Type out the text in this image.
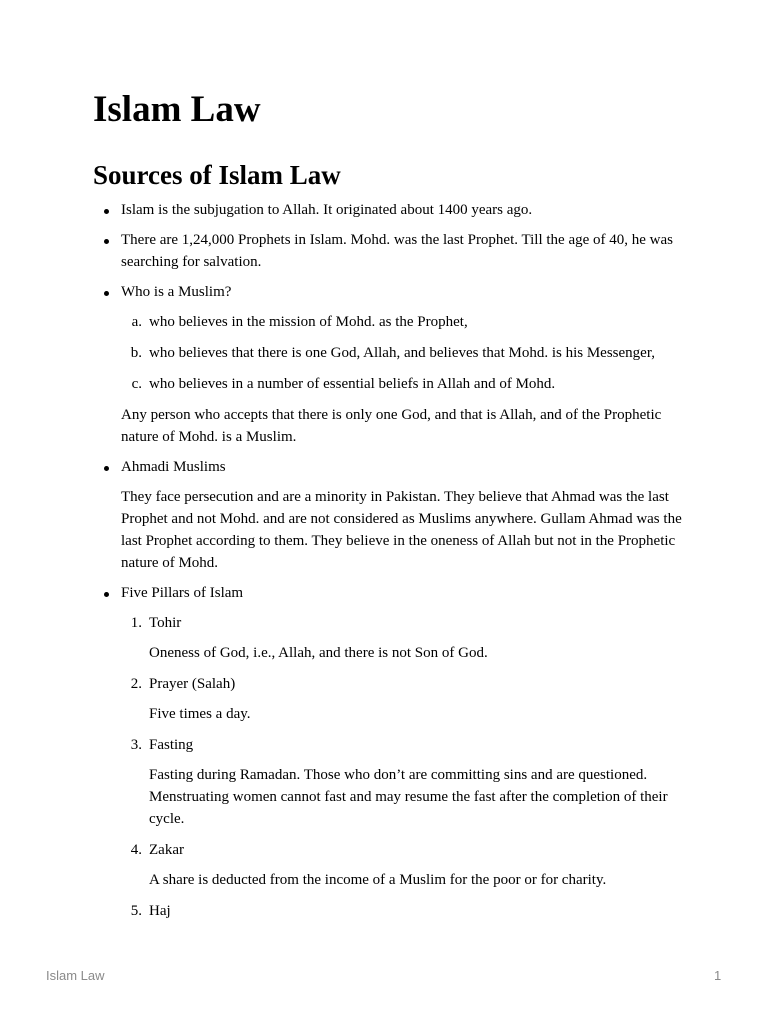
Islam Law
Sources of Islam Law

Islam is the subjugation to Allah. It originated about 1400 years ago.

There are 1,24,000 Prophets in Islam. Mohd. was the last Prophet. Till the age of 40, he was searching for salvation.

Who is a Muslim?

a. who believes in the mission of Mohd. as the Prophet,

b. who believes that there is one God, Allah, and believes that Mohd. is his Messenger,

c. who believes in a number of essential beliefs in Allah and of Mohd.

Any person who accepts that there is only one God, and that is Allah, and of the Prophetic nature of Mohd. is a Muslim.

Ahmadi Muslims

They face persecution and are a minority in Pakistan. They believe that Ahmad was the last Prophet and not Mohd. and are not considered as Muslims anywhere. Gullam Ahmad was the last Prophet according to them. They believe in the oneness of Allah but not in the Prophetic nature of Mohd.

Five Pillars of Islam

1. Tohir

Oneness of God, i.e., Allah, and there is not Son of God.

2. Prayer (Salah)

Five times a day.

3. Fasting

Fasting during Ramadan. Those who don’t are committing sins and are questioned. Menstruating women cannot fast and may resume the fast after the completion of their cycle.

4. Zakar

A share is deducted from the income of a Muslim for the poor or for charity.

5. Haj

Islam Law	1
